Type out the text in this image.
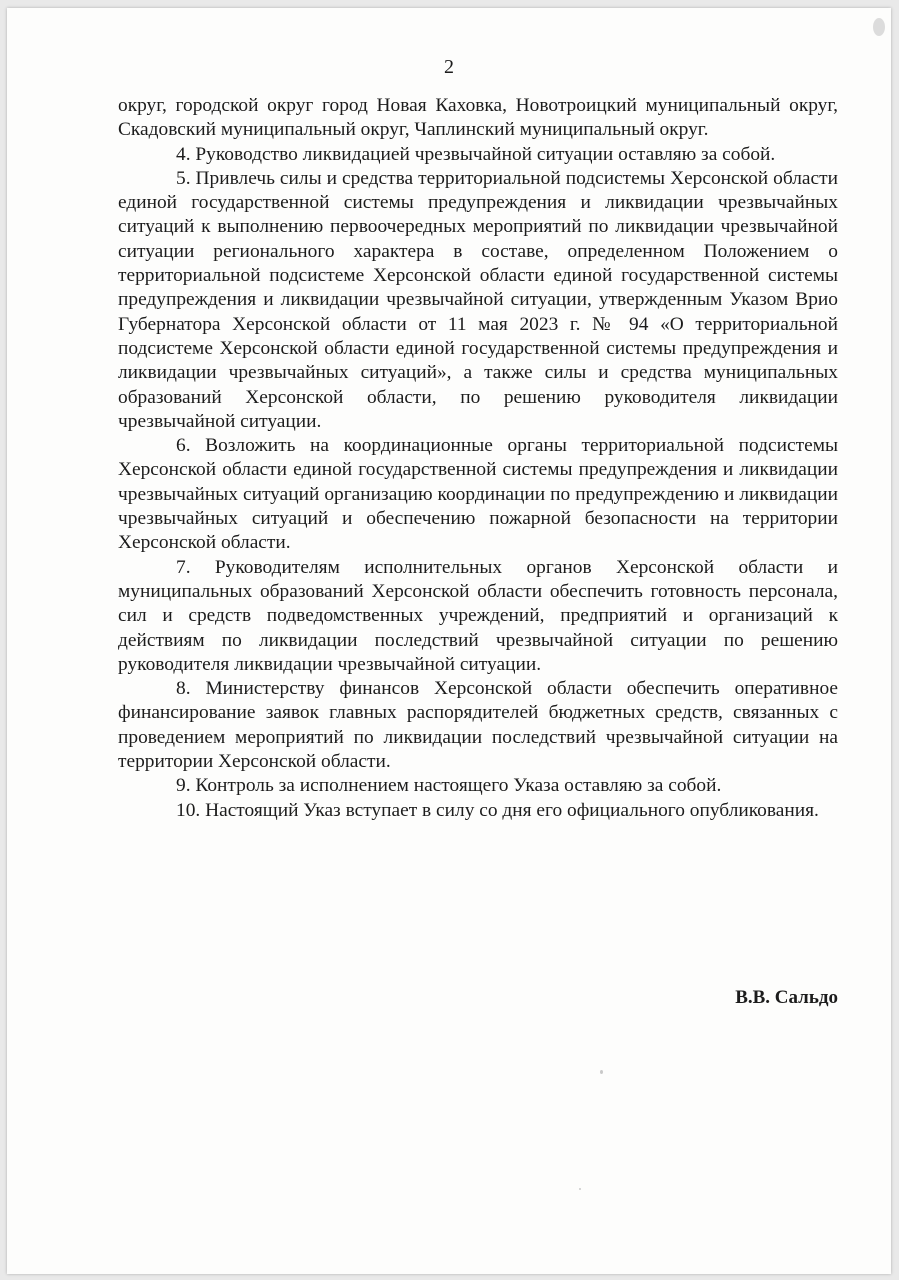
2

округ, городской округ город Новая Каховка, Новотроицкий муниципальный округ, Скадовский муниципальный округ, Чаплинский муниципальный округ.

4. Руководство ликвидацией чрезвычайной ситуации оставляю за собой.

5. Привлечь силы и средства территориальной подсистемы Херсонской области единой государственной системы предупреждения и ликвидации чрезвычайных ситуаций к выполнению первоочередных мероприятий по ликвидации чрезвычайной ситуации регионального характера в составе, определенном Положением о территориальной подсистеме Херсонской области единой государственной системы предупреждения и ликвидации чрезвычайной ситуации, утвержденным Указом Врио Губернатора Херсонской области от 11 мая 2023 г. № 94 «О территориальной подсистеме Херсонской области единой государственной системы предупреждения и ликвидации чрезвычайных ситуаций», а также силы и средства муниципальных образований Херсонской области, по решению руководителя ликвидации чрезвычайной ситуации.

6. Возложить на координационные органы территориальной подсистемы Херсонской области единой государственной системы предупреждения и ликвидации чрезвычайных ситуаций организацию координации по предупреждению и ликвидации чрезвычайных ситуаций и обеспечению пожарной безопасности на территории Херсонской области.

7. Руководителям исполнительных органов Херсонской области и муниципальных образований Херсонской области обеспечить готовность персонала, сил и средств подведомственных учреждений, предприятий и организаций к действиям по ликвидации последствий чрезвычайной ситуации по решению руководителя ликвидации чрезвычайной ситуации.

8. Министерству финансов Херсонской области обеспечить оперативное финансирование заявок главных распорядителей бюджетных средств, связанных с проведением мероприятий по ликвидации последствий чрезвычайной ситуации на территории Херсонской области.

9. Контроль за исполнением настоящего Указа оставляю за собой.

10. Настоящий Указ вступает в силу со дня его официального опубликования.

В.В. Сальдо
